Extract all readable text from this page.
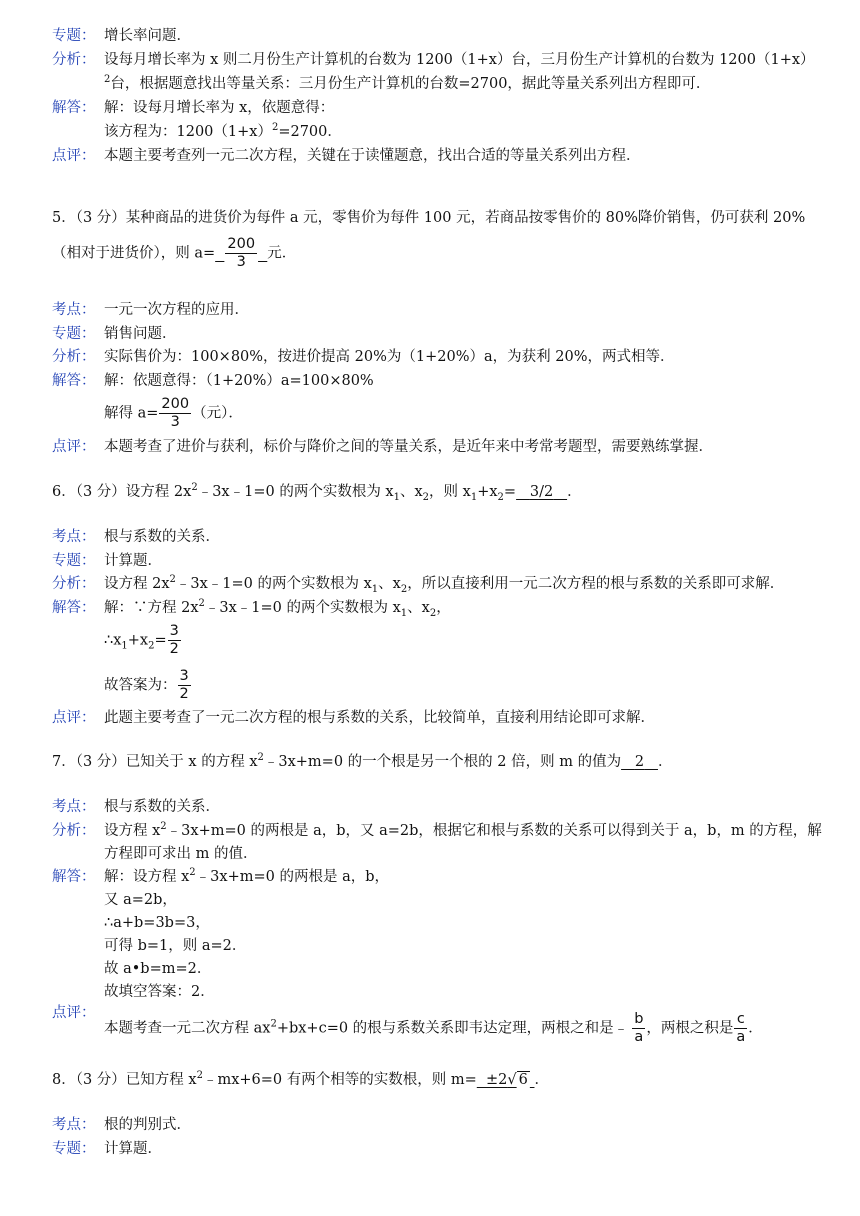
专题： 增长率问题．
分析： 设每月增长率为 x 则二月份生产计算机的台数为 1200（1+x）台，三月份生产计算机的台数为 1200（1+x）
$^2$台，根据题意找出等量关系：三月份生产计算机的台数=2700，据此等量关系列出方程即可．
解答： 解：设每月增长率为 x，依题意得：
该方程为：$1200(1+x)^2=2700$．
点评： 本题主要考查列一元二次方程，关键在于读懂题意，找出合适的等量关系列出方程．
5．（3 分）某种商品的进货价为每件 a 元，零售价为每件 100 元，若商品按零售价的 80%降价销售，仍可获利 20%
（相对于进货价），则 $a= \frac{200}{3}$ 元．
考点： 一元一次方程的应用．
专题： 销售问题．
分析： 实际售价为：100×80%，按进价提高 20%为（1+20%）a，为获利 20%，两式相等．
解答： 解：依题意得：（1+20%）a=100×80%
解得 $a= \frac{200}{3}$ （元）．
点评： 本题考查了进价与获利，标价与降价之间的等量关系，是近年来中考常考题型，需要熟练掌握．
6．（3 分）设方程 $2x^2﹣3x﹣1=0$ 的两个实数根为 $x_1$、$x_2$，则 $x_1+x_2= 3/2$ ．
考点： 根与系数的关系．
专题： 计算题．
分析： 设方程 $2x^2﹣3x﹣1=0$ 的两个实数根为 $x_1$、$x_2$，所以直接利用一元二次方程的根与系数的关系即可求解．
解答： 解：∵方程 $2x^2﹣3x﹣1=0$ 的两个实数根为 $x_1$、$x_2$，
$\therefore x_1+x_2= \frac{3}{2}$
故答案为： $\frac{3}{2}$
点评： 此题主要考查了一元二次方程的根与系数的关系，比较简单，直接利用结论即可求解．
7．（3 分）已知关于 x 的方程 $x^2﹣3x+m=0$ 的一个根是另一个根的 2 倍，则 m 的值为 2 ．
考点： 根与系数的关系．
分析： 设方程 $x^2﹣3x+m=0$ 的两根是 a，b，又 a=2b，根据它和根与系数的关系可以得到关于 a，b，m 的方程，解
方程即可求出 m 的值．
解答： 解：设方程 $x^2﹣3x+m=0$ 的两根是 a，b，
又 a=2b，
∴a+b=3b=3，
可得 b=1，则 a=2．
故 a•b=m=2．
故填空答案：2．
点评：
本题考查一元二次方程 $ax^2+bx+c=0$ 的根与系数关系即韦达定理，两根之和是﹣ $\frac{b}{a}$ ，两根之积是 $\frac{c}{a}$ ．
8．（3 分）已知方程 $x^2﹣mx+6=0$ 有两个相等的实数根，则 m= ±2√ 6 ．
考点： 根的判别式．
专题： 计算题．
